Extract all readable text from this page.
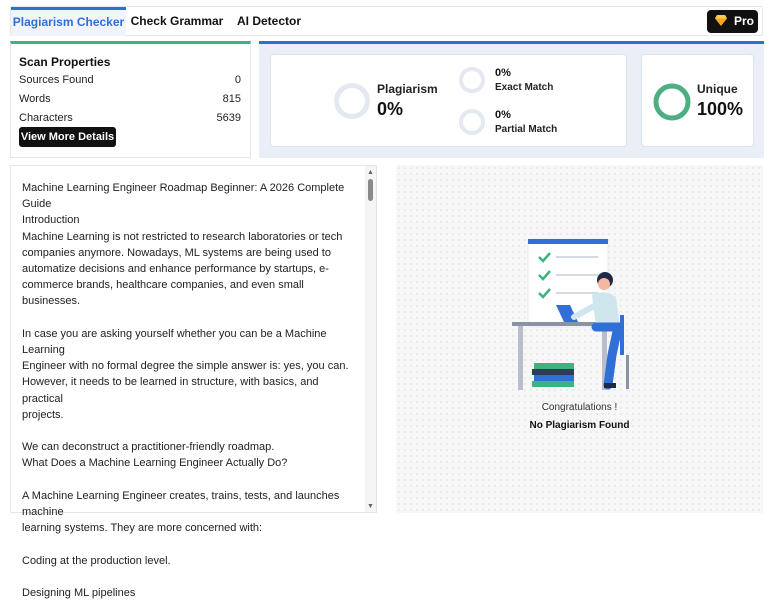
Plagiarism Checker Check Grammar	AI Detector	Pro
Scan Properties
Sources Found	0
Words	815
Characters	5639
View More Details
Plagiarism
0%
0%
Exact Match
0%
Partial Match
Unique
100%
Machine Learning Engineer Roadmap Beginner: A 2026 Complete Guide
Introduction
Machine Learning is not restricted to research laboratories or tech
companies anymore. Nowadays, ML systems are being used to
automatize decisions and enhance performance by startups, e-
commerce brands, healthcare companies, and even small businesses.

In case you are asking yourself whether you can be a Machine Learning
Engineer with no formal degree the simple answer is: yes, you can.
However, it needs to be learned in structure, with basics, and practical
projects.

We can deconstruct a practitioner-friendly roadmap.
What Does a Machine Learning Engineer Actually Do?

A Machine Learning Engineer creates, trains, tests, and launches machine
learning systems. They are more concerned with:

Coding at the production level.

Designing ML pipelines
▲
▼
Congratulations !
No Plagiarism Found
